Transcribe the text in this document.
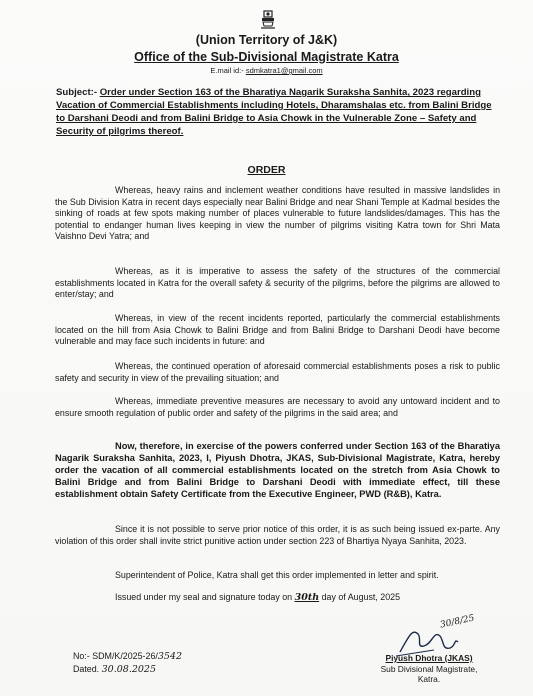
(Union Territory of J&K)
Office of the Sub-Divisional Magistrate Katra
E.mail id:- sdmkatra1@gmail.com
Subject:- Order under Section 163 of the Bharatiya Nagarik Suraksha Sanhita, 2023 regarding Vacation of Commercial Establishments including Hotels, Dharamshalas etc. from Balini Bridge to Darshani Deodi and from Balini Bridge to Asia Chowk in the Vulnerable Zone – Safety and Security of pilgrims thereof.
ORDER

Whereas, heavy rains and inclement weather conditions have resulted in massive landslides in the Sub Division Katra in recent days especially near Balini Bridge and near Shani Temple at Kadmal besides the sinking of roads at few spots making number of places vulnerable to future landslides/damages. This has the potential to endanger human lives keeping in view the number of pilgrims visiting Katra town for Shri Mata Vaishno Devi Yatra; and

Whereas, as it is imperative to assess the safety of the structures of the commercial establishments located in Katra for the overall safety & security of the pilgrims, before the pilgrims are allowed to enter/stay; and

Whereas, in view of the recent incidents reported, particularly the commercial establishments located on the hill from Asia Chowk to Balini Bridge and from Balini Bridge to Darshani Deodi have become vulnerable and may face such incidents in future: and

Whereas, the continued operation of aforesaid commercial establishments poses a risk to public safety and security in view of the prevailing situation; and

Whereas, immediate preventive measures are necessary to avoid any untoward incident and to ensure smooth regulation of public order and safety of the pilgrims in the said area; and

Now, therefore, in exercise of the powers conferred under Section 163 of the Bharatiya Nagarik Suraksha Sanhita, 2023, I, Piyush Dhotra, JKAS, Sub-Divisional Magistrate, Katra, hereby order the vacation of all commercial establishments located on the stretch from Asia Chowk to Balini Bridge and from Balini Bridge to Darshani Deodi with immediate effect, till these establishment obtain Safety Certificate from the Executive Engineer, PWD (R&B), Katra.

Since it is not possible to serve prior notice of this order, it is as such being issued ex-parte. Any violation of this order shall invite strict punitive action under section 223 of Bhartiya Nyaya Sanhita, 2023.

Superintendent of Police, Katra shall get this order implemented in letter and spirit.

Issued under my seal and signature today on 30th day of August, 2025

No:- SDM/K/2025-26/3542
Dated. 30.08.2025
30/8/25
Piyush Dhotra (JKAS)
Sub Divisional Magistrate,
Katra.
